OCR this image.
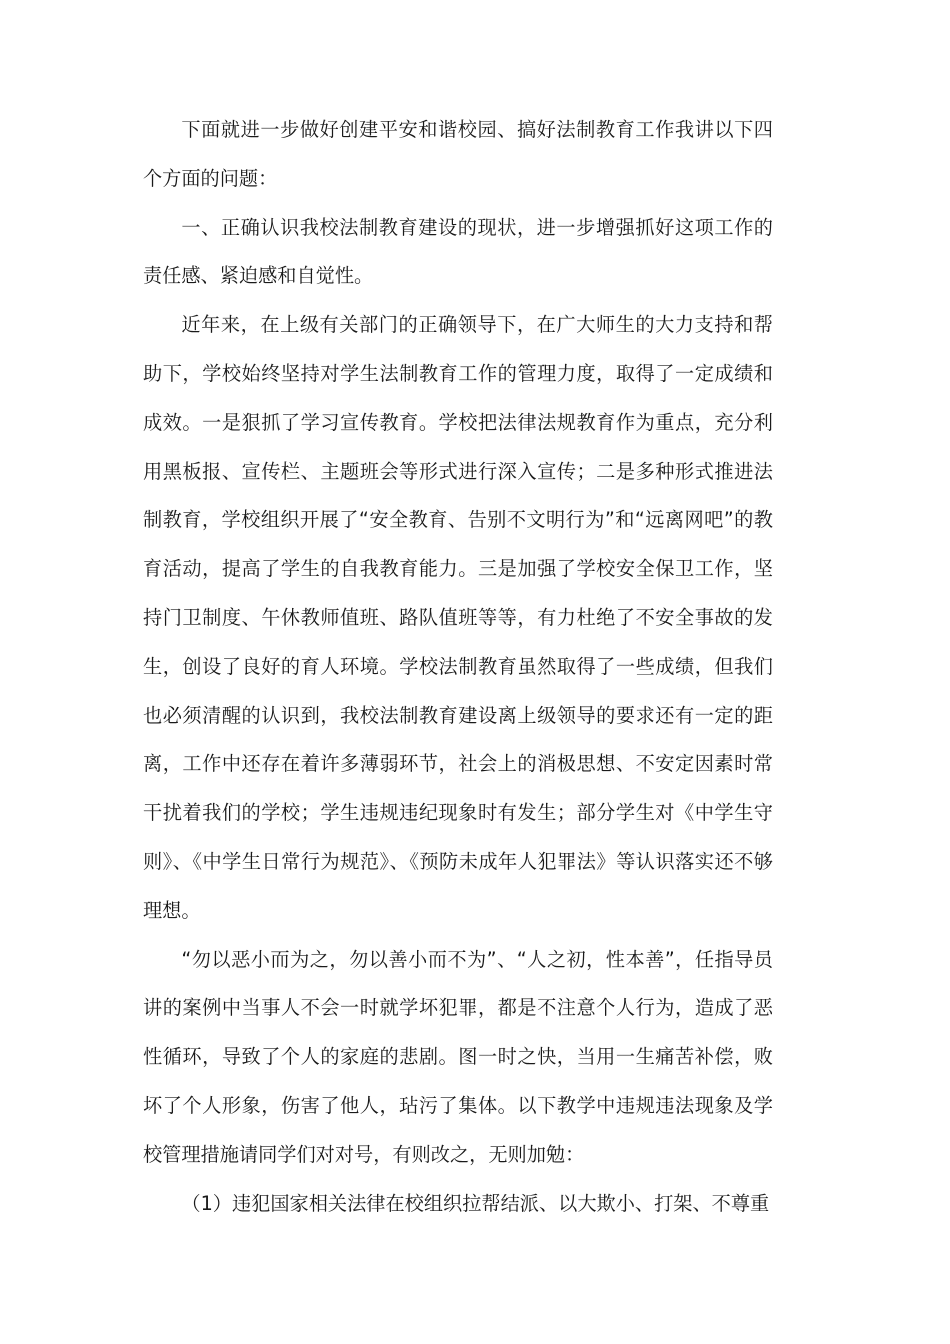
下面就进一步做好创建平安和谐校园、搞好法制教育工作我讲以下四个方面的问题：

一、正确认识我校法制教育建设的现状，进一步增强抓好这项工作的责任感、紧迫感和自觉性。

近年来，在上级有关部门的正确领导下，在广大师生的大力支持和帮助下，学校始终坚持对学生法制教育工作的管理力度，取得了一定成绩和成效。一是狠抓了学习宣传教育。学校把法律法规教育作为重点，充分利用黑板报、宣传栏、主题班会等形式进行深入宣传；二是多种形式推进法制教育，学校组织开展了“安全教育、告别不文明行为”和“远离网吧”的教育活动，提高了学生的自我教育能力。三是加强了学校安全保卫工作，坚持门卫制度、午休教师值班、路队值班等等，有力杜绝了不安全事故的发生，创设了良好的育人环境。学校法制教育虽然取得了一些成绩，但我们也必须清醒的认识到，我校法制教育建设离上级领导的要求还有一定的距离，工作中还存在着许多薄弱环节，社会上的消极思想、不安定因素时常干扰着我们的学校；学生违规违纪现象时有发生；部分学生对《中学生守则》、《中学生日常行为规范》、《预防未成年人犯罪法》等认识落实还不够理想。

“勿以恶小而为之，勿以善小而不为”、“人之初，性本善”，任指导员讲的案例中当事人不会一时就学坏犯罪，都是不注意个人行为，造成了恶性循环，导致了个人的家庭的悲剧。图一时之快，当用一生痛苦补偿，败坏了个人形象，伤害了他人，玷污了集体。以下教学中违规违法现象及学校管理措施请同学们对对号，有则改之，无则加勉：

（1）违犯国家相关法律在校组织拉帮结派、以大欺小、打架、不尊重
